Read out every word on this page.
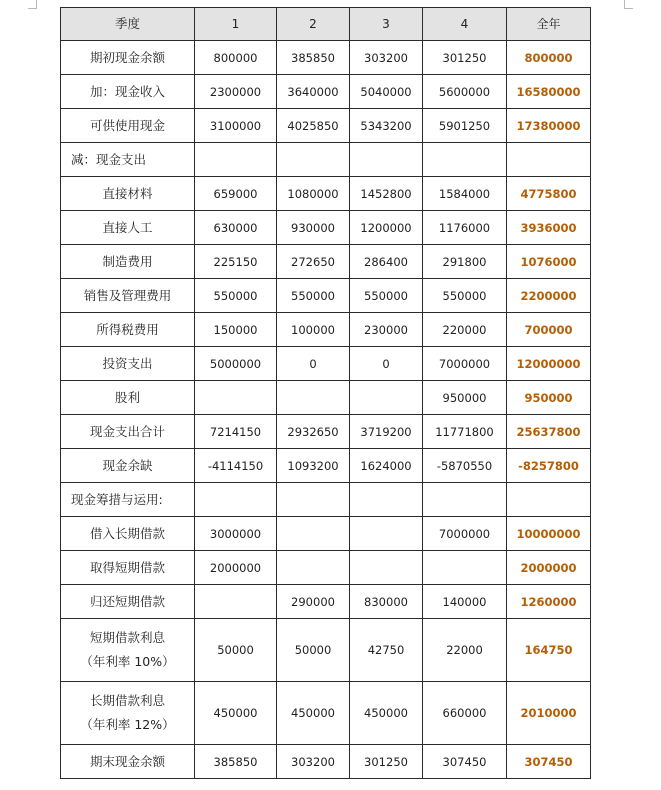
季度	1	2	3	4	全年
期初现金余额	800000	385850	303200	301250	800000
加：现金收入	2300000	3640000	5040000	5600000	16580000
可供使用现金	3100000	4025850	5343200	5901250	17380000
减：现金支出					
直接材料	659000	1080000	1452800	1584000	4775800
直接人工	630000	930000	1200000	1176000	3936000
制造费用	225150	272650	286400	291800	1076000
销售及管理费用	550000	550000	550000	550000	2200000
所得税费用	150000	100000	230000	220000	700000
投资支出	5000000	0	0	7000000	12000000
股利				950000	950000
现金支出合计	7214150	2932650	3719200	11771800	25637800
现金余缺	-4114150	1093200	1624000	-5870550	-8257800
现金筹措与运用:					
借入长期借款	3000000			7000000	10000000
取得短期借款	2000000				2000000
归还短期借款		290000	830000	140000	1260000

短期借款利息
（年利率 10%）	50000	50000	42750	22000	164750

长期借款利息
（年利率 12%）	450000	450000	450000	660000	2010000
期末现金余额	385850	303200	301250	307450	307450
